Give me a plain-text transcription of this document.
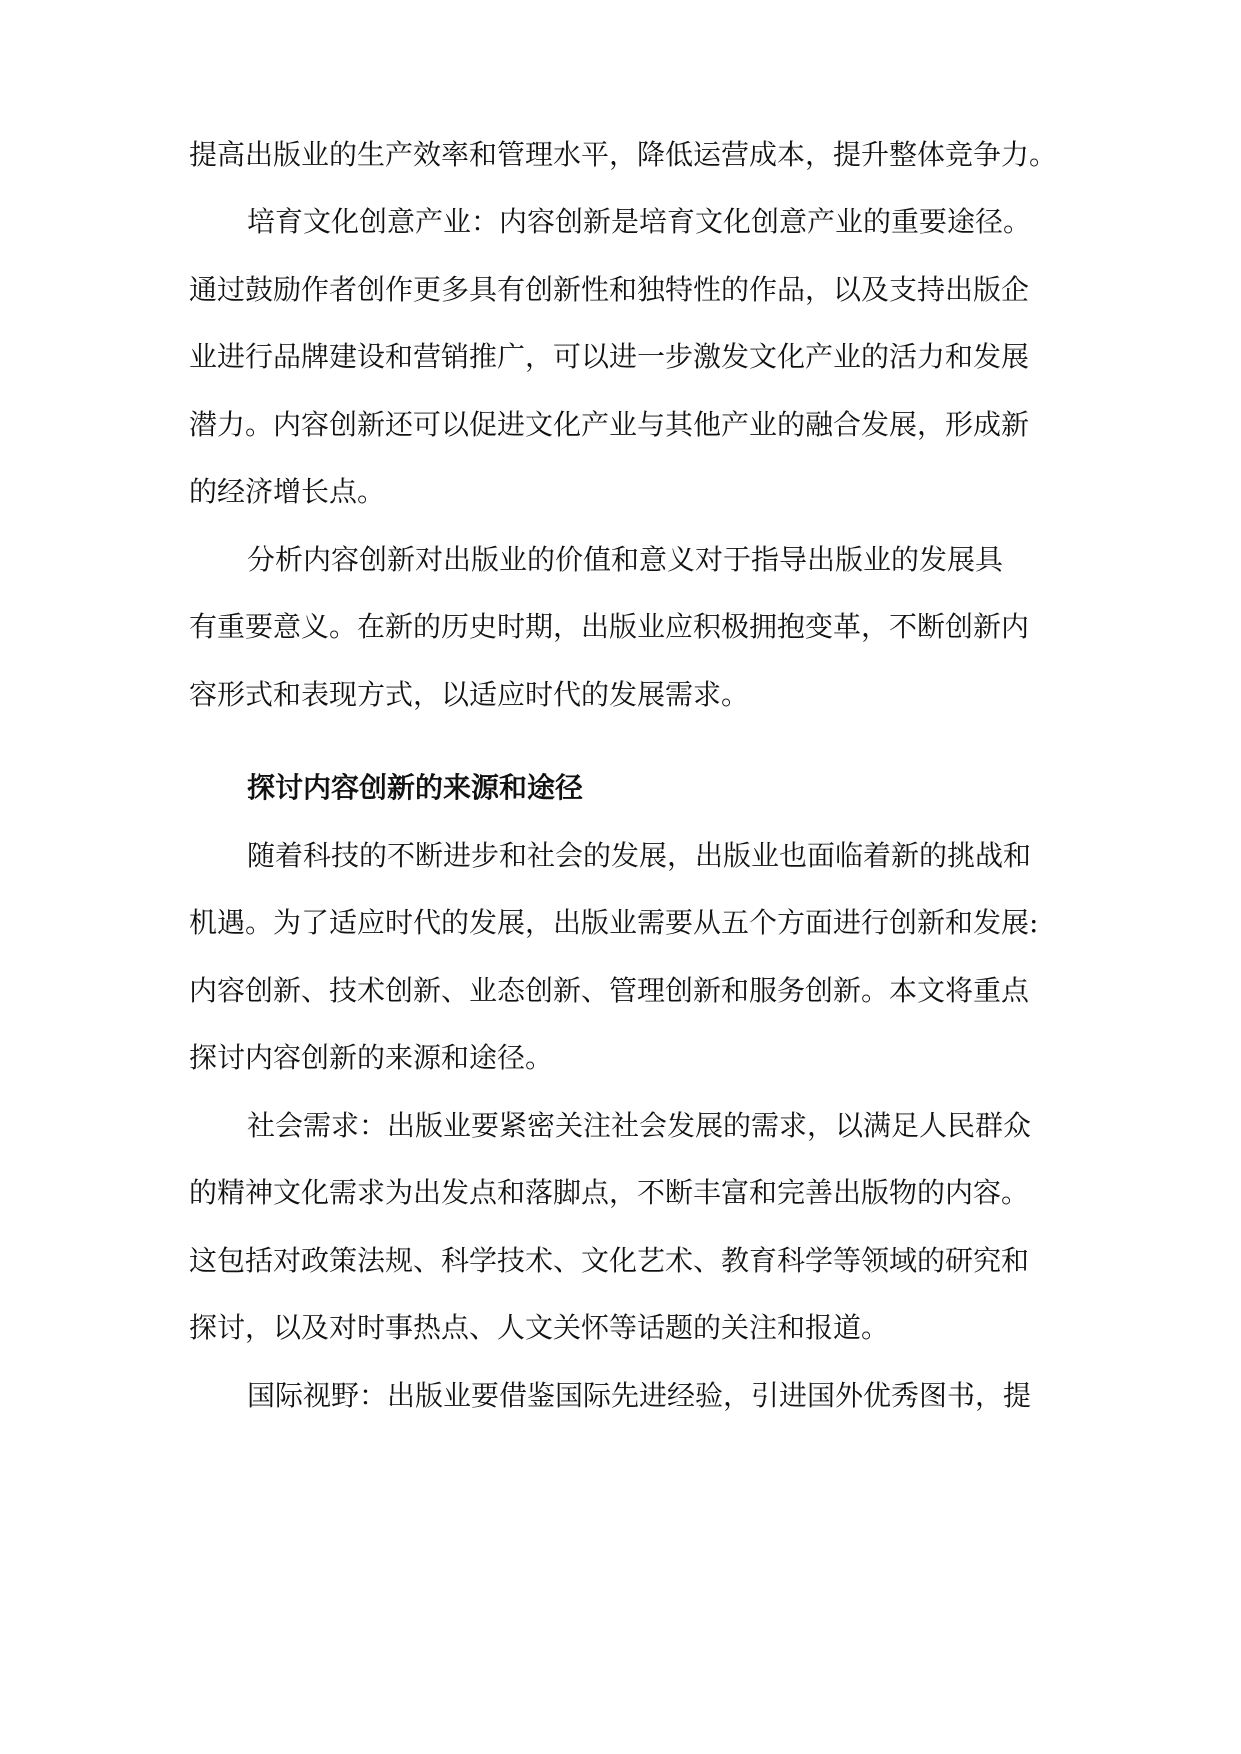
提高出版业的生产效率和管理水平，降低运营成本，提升整体竞争力。
培育文化创意产业：内容创新是培育文化创意产业的重要途径。
通过鼓励作者创作更多具有创新性和独特性的作品，以及支持出版企
业进行品牌建设和营销推广，可以进一步激发文化产业的活力和发展
潜力。内容创新还可以促进文化产业与其他产业的融合发展，形成新
的经济增长点。
分析内容创新对出版业的价值和意义对于指导出版业的发展具
有重要意义。在新的历史时期，出版业应积极拥抱变革，不断创新内
容形式和表现方式，以适应时代的发展需求。
探讨内容创新的来源和途径
随着科技的不断进步和社会的发展，出版业也面临着新的挑战和
机遇。为了适应时代的发展，出版业需要从五个方面进行创新和发展:
内容创新、技术创新、业态创新、管理创新和服务创新。本文将重点
探讨内容创新的来源和途径。
社会需求：出版业要紧密关注社会发展的需求，以满足人民群众
的精神文化需求为出发点和落脚点，不断丰富和完善出版物的内容。
这包括对政策法规、科学技术、文化艺术、教育科学等领域的研究和
探讨，以及对时事热点、人文关怀等话题的关注和报道。
国际视野：出版业要借鉴国际先进经验，引进国外优秀图书，提
